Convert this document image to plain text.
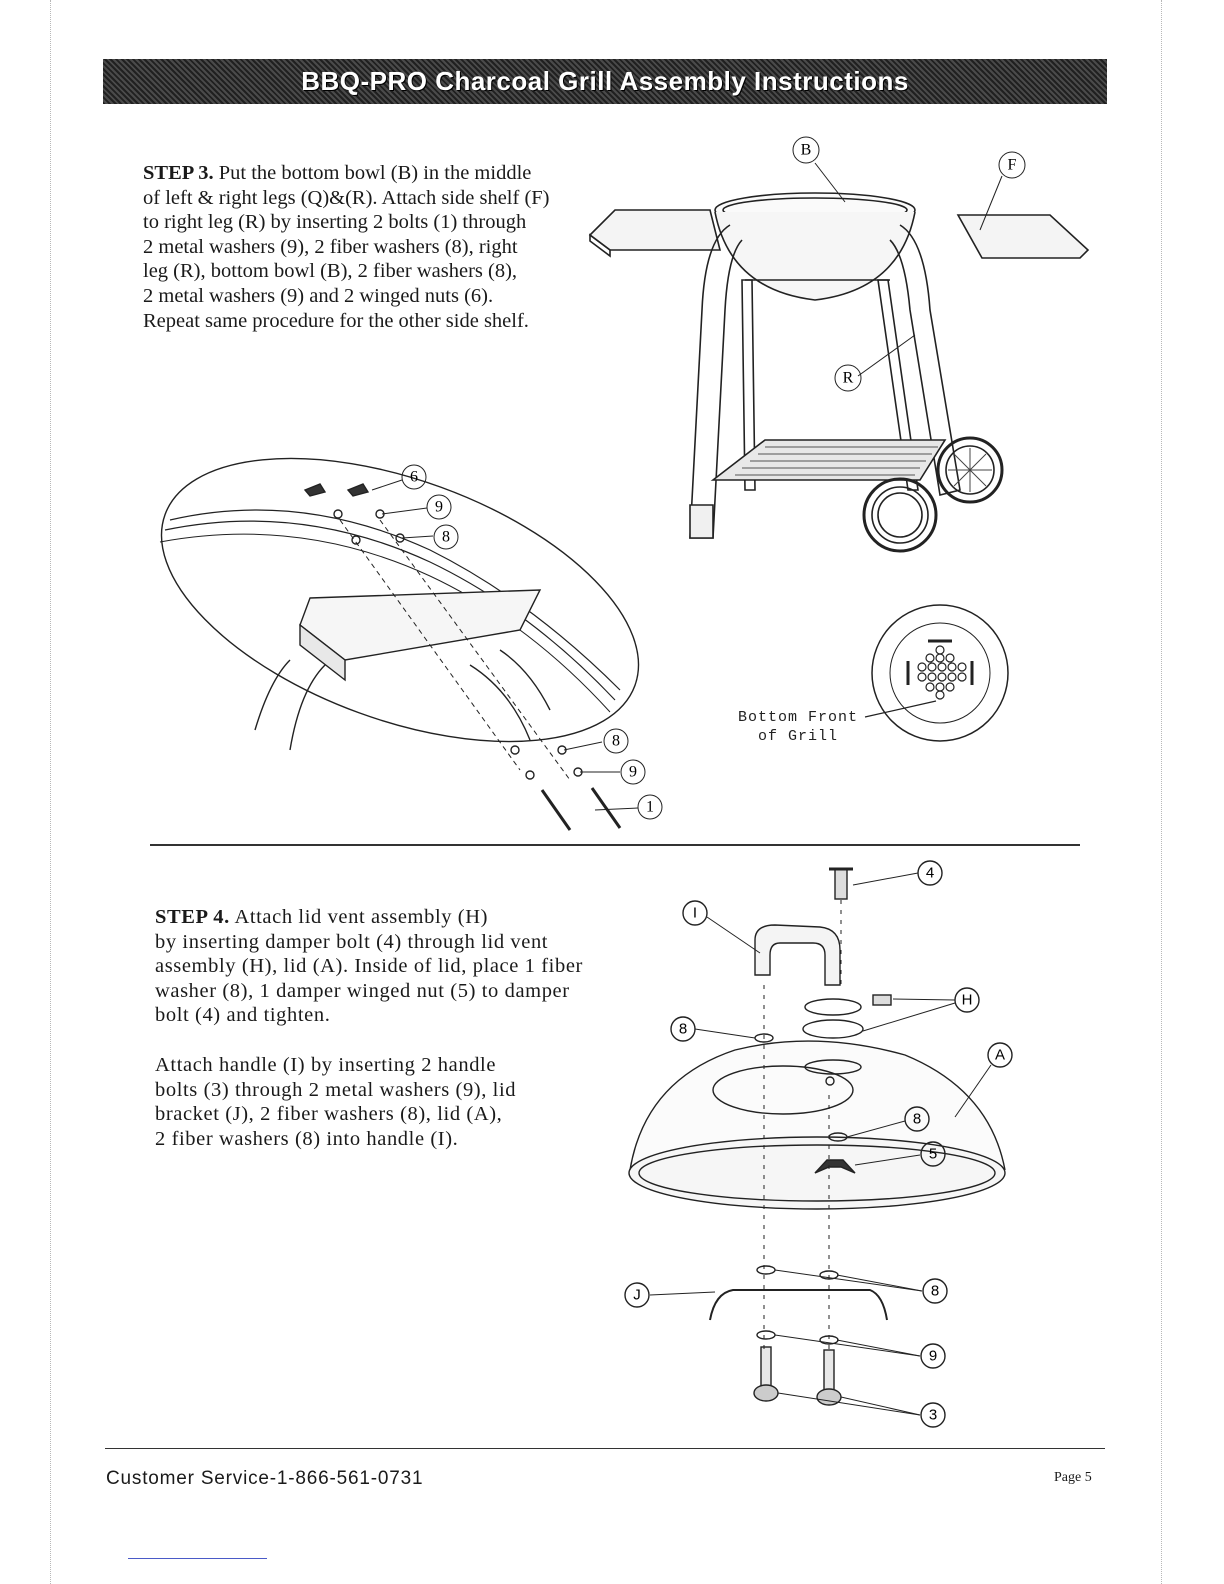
BBQ-PRO Charcoal Grill Assembly Instructions
STEP 3. Put the bottom bowl (B) in the middle
of left & right legs (Q)&(R). Attach side shelf (F)
to right leg (R) by inserting 2 bolts (1) through
2 metal washers (9), 2 fiber washers (8), right
leg (R), bottom bowl (B), 2 fiber washers (8),
2 metal washers (9) and 2 winged nuts (6).
Repeat same procedure for the other side shelf.
B
F
R
Bottom Front
of Grill
6
9
8
8
9
1
STEP 4. Attach lid vent assembly (H)
by inserting damper bolt (4) through lid vent
assembly (H), lid (A). Inside of lid, place 1 fiber
washer (8), 1 damper winged nut (5) to damper
bolt (4) and tighten.
Attach handle (I) by inserting 2 handle
bolts (3) through 2 metal washers (9), lid
bracket (J), 2 fiber washers (8), lid (A),
2 fiber washers (8) into handle (I).
4
I
H
8
A
8
5
8
J
9
3
Customer Service-1-866-561-0731	Page 5
